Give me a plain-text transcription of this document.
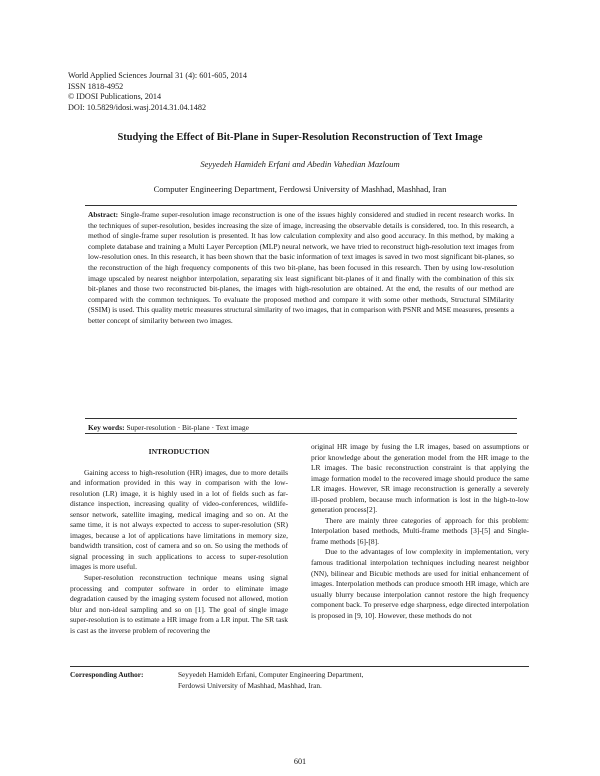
World Applied Sciences Journal 31 (4): 601-605, 2014
ISSN 1818-4952
© IDOSI Publications, 2014
DOI: 10.5829/idosi.wasj.2014.31.04.1482
Studying the Effect of Bit-Plane in Super-Resolution Reconstruction of Text Image
Seyyedeh Hamideh Erfani and Abedin Vahedian Mazloum
Computer Engineering Department, Ferdowsi University of Mashhad, Mashhad, Iran
Abstract: Single-frame super-resolution image reconstruction is one of the issues highly considered and studied in recent research works. In the techniques of super-resolution, besides increasing the size of image, increasing the observable details is considered, too. In this research, a method of single-frame super resolution is presented. It has low calculation complexity and also good accuracy. In this method, by making a complete database and training a Multi Layer Perception (MLP) neural network, we have tried to reconstruct high-resolution text images from low-resolution ones. In this research, it has been shown that the basic information of text images is saved in two most significant bit-planes, so the reconstruction of the high frequency components of this two bit-plane, has been focused in this research. Then by using low-resolution image upscaled by nearest neighbor interpolation, separating six least significant bit-planes of it and finally with the combination of this six bit-planes and those two reconstructed bit-planes, the images with high-resolution are obtained. At the end, the results of our method are compared with the common techniques. To evaluate the proposed method and compare it with some other methods, Structural SIMilarity (SSIM) is used. This quality metric measures structural similarity of two images, that in comparison with PSNR and MSE measures, presents a better concept of similarity between two images.
Key words: Super-resolution · Bit-plane · Text image

INTRODUCTION

Gaining access to high-resolution (HR) images, due to more details and information provided in this way in comparison with the low-resolution (LR) image, it is highly used in a lot of fields such as far-distance inspection, increasing quality of video-conferences, wildlife-sensor network, satellite imaging, medical imaging and so on. At the same time, it is not always expected to access to super-resolution (SR) images, because a lot of applications have limitations in memory size, bandwidth transition, cost of camera and so on. So using the methods of signal processing in such applications to access to super-resolution images is more useful.

Super-resolution reconstruction technique means using signal processing and computer software in order to eliminate image degradation caused by the imaging system focused not allowed, motion blur and non-ideal sampling and so on [1]. The goal of single image super-resolution is to estimate a HR image from a LR input. The SR task is cast as the inverse problem of recovering the

original HR image by fusing the LR images, based on assumptions or prior knowledge about the generation model from the HR image to the LR images. The basic reconstruction constraint is that applying the image formation model to the recovered image should produce the same LR images. However, SR image reconstruction is generally a severely ill-posed problem, because much information is lost in the high-to-low generation process[2].

There are mainly three categories of approach for this problem: Interpolation based methods, Multi-frame methods [3]-[5] and Single-frame methods [6]-[8].

Due to the advantages of low complexity in implementation, very famous traditional interpolation techniques including nearest neighbor (NN), bilinear and Bicubic methods are used for initial enhancement of images. Interpolation methods can produce smooth HR image, which are usually blurry because interpolation cannot restore the high frequency component back. To preserve edge sharpness, edge directed interpolation is proposed in [9, 10]. However, these methods do not

Corresponding Author:	Seyyedeh Hamideh Erfani, Computer Engineering Department,
Ferdowsi University of Mashhad, Mashhad, Iran.
601
